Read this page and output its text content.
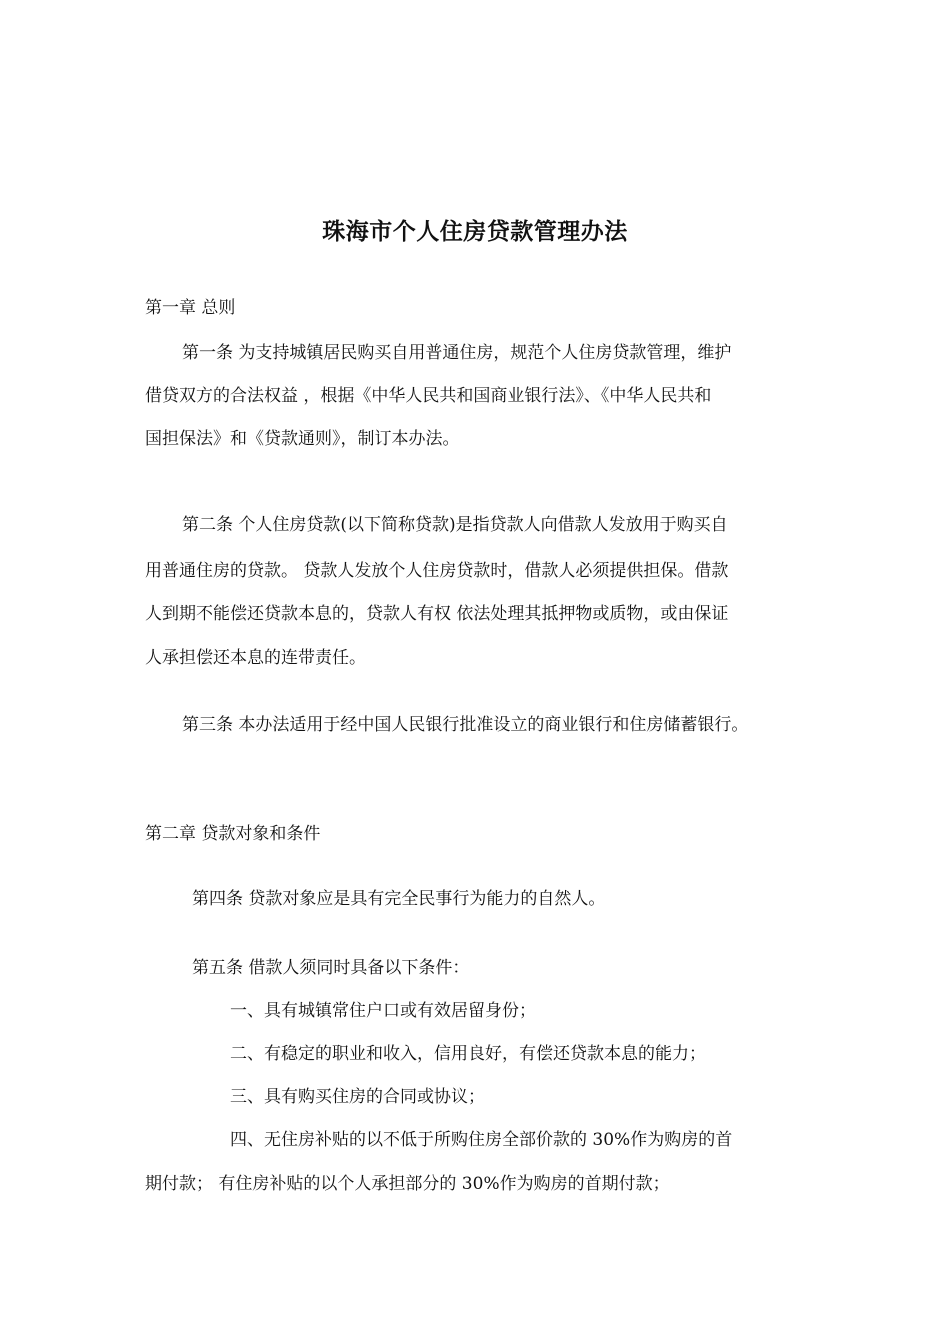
珠海市个人住房贷款管理办法

第一章 总则

第一条 为支持城镇居民购买自用普通住房，规范个人住房贷款管理，维护

借贷双方的合法权益 ，根据《中华人民共和国商业银行法》、《中华人民共和

国担保法》和《贷款通则》，制订本办法。

第二条 个人住房贷款(以下简称贷款)是指贷款人向借款人发放用于购买自

用普通住房的贷款。 贷款人发放个人住房贷款时，借款人必须提供担保。借款

人到期不能偿还贷款本息的，贷款人有权 依法处理其抵押物或质物，或由保证

人承担偿还本息的连带责任。

第三条 本办法适用于经中国人民银行批准设立的商业银行和住房储蓄银行。

第二章 贷款对象和条件

第四条 贷款对象应是具有完全民事行为能力的自然人。

第五条 借款人须同时具备以下条件：

一、具有城镇常住户口或有效居留身份；

二、有稳定的职业和收入，信用良好，有偿还贷款本息的能力；

三、具有购买住房的合同或协议；

四、无住房补贴的以不低于所购住房全部价款的 30%作为购房的首

期付款； 有住房补贴的以个人承担部分的 30%作为购房的首期付款；
